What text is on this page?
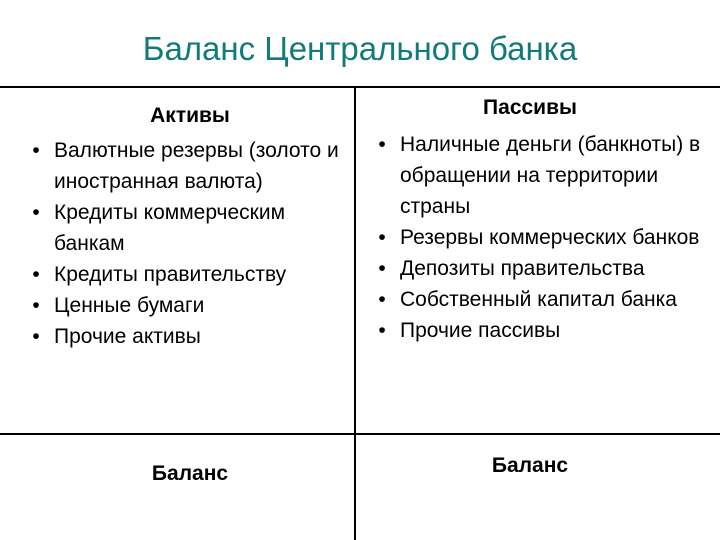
Баланс Центрального банка
Активы
• Валютные резервы (золото и иностранная валюта)
• Кредиты коммерческим банкам
• Кредиты правительству
• Ценные бумаги
• Прочие активы
Пассивы
• Наличные деньги (банкноты) в обращении на территории страны
• Резервы коммерческих банков
• Депозиты правительства
• Собственный капитал банка
• Прочие пассивы
Баланс	Баланс
